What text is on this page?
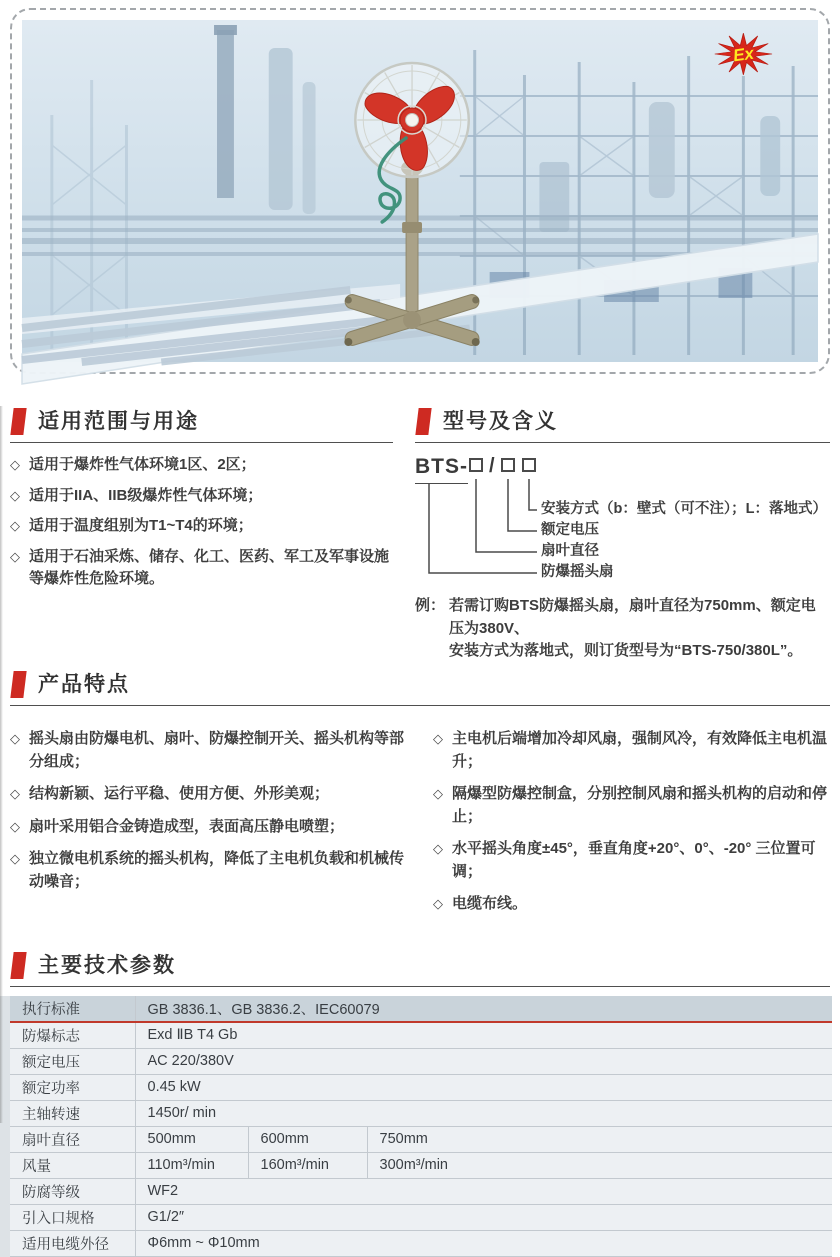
Ex
适用范围与用途
◇ 适用于爆炸性气体环境1区、2区；
◇ 适用于IIA、IIB级爆炸性气体环境；
◇ 适用于温度组别为T1~T4的环境；
◇ 适用于石油采炼、储存、化工、医药、军工及军事设施等爆炸性危险环境。
型号及含义
BTS- /
安装方式（b：壁式（可不注）；L：落地式）
额定电压
扇叶直径
防爆摇头扇
例： 若需订购BTS防爆摇头扇，扇叶直径为750mm、额定电压为380V、
安装方式为落地式，则订货型号为“BTS-750/380L”。
产品特点
◇ 摇头扇由防爆电机、扇叶、防爆控制开关、摇头机构等部分组成；
◇ 结构新颖、运行平稳、使用方便、外形美观；
◇ 扇叶采用铝合金铸造成型，表面高压静电喷塑；
◇ 独立微电机系统的摇头机构，降低了主电机负载和机械传动噪音；
◇ 主电机后端增加冷却风扇，强制风冷，有效降低主电机温升；
◇ 隔爆型防爆控制盒，分别控制风扇和摇头机构的启动和停止；
◇ 水平摇头角度±45°，垂直角度+20°、0°、-20° 三位置可调；
◇ 电缆布线。
主要技术参数
执行标准	GB 3836.1、GB 3836.2、IEC60079		
防爆标志	Exd ⅡB T4 Gb		
额定电压	AC 220/380V		
额定功率	0.45 kW		
主轴转速	1450r/ min		
扇叶直径	500mm	600mm	750mm
风量	110m³/min	160m³/min	300m³/min
防腐等级	WF2		
引入口规格	G1/2″		
适用电缆外径	Φ6mm ~ Φ10mm		
